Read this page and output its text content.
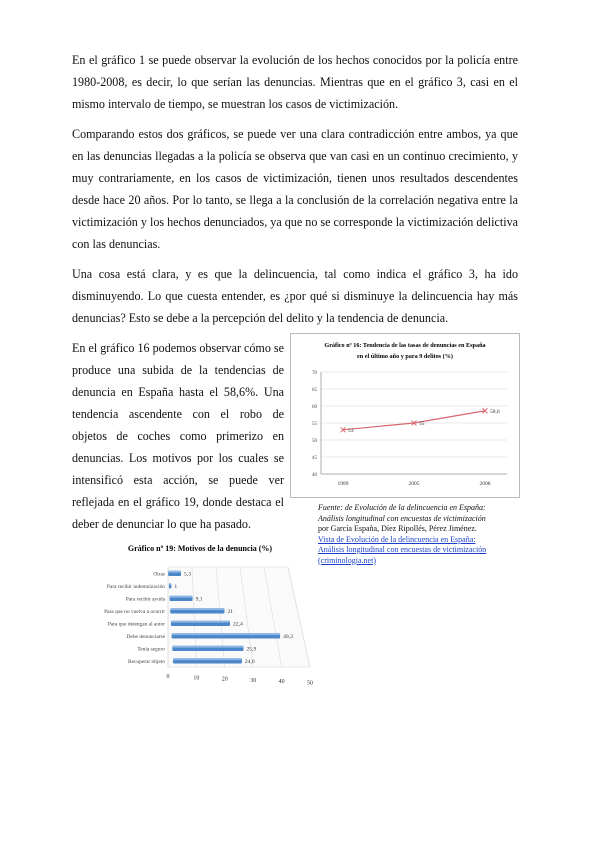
En el gráfico 1 se puede observar la evolución de los hechos conocidos por la policía entre 1980-2008, es decir, lo que serían las denuncias. Mientras que en el gráfico 3, casi en el mismo intervalo de tiempo, se muestran los casos de victimización.

Comparando estos dos gráficos, se puede ver una clara contradicción entre ambos, ya que en las denuncias llegadas a la policía se observa que van casi en un continuo crecimiento, y muy contrariamente, en los casos de victimización, tienen unos resultados descendentes desde hace 20 años. Por lo tanto, se llega a la conclusión de la correlación negativa entre la victimización y los hechos denunciados, ya que no se corresponde la victimización delictiva con las denuncias.

Una cosa está clara, y es que la delincuencia, tal como indica el gráfico 3, ha ido disminuyendo. Lo que cuesta entender, es ¿por qué si disminuye la delincuencia hay más denuncias? Esto se debe a la percepción del delito y la tendencia de denuncia.

En el gráfico 16 podemos observar cómo se produce una subida de la tendencias de denuncia en España hasta el 58,6%. Una tendencia ascendente con el robo de objetos de coches como primerizo en denuncias. Los motivos por los cuales se intensificó esta acción, se puede ver reflejada en el gráfico 19, donde destaca el deber de denunciar lo que ha pasado.

Gráfico nº 16: Tendencia de las tasas de denuncias en España
en el último año y para 9 delitos (%)
40
45
50
55
60
65
70
1989	2005	2008
53
55
58,6
Fuente: de Evolución de la delincuencia en España:
Análisis longitudinal con encuestas de victimización
por García España, Díez Ripollés, Pérez Jiménez.
Vista de Evolución de la delincuencia en España:
Análisis longitudinal con encuestas de victimización
(criminologia.net)
Gráfico nº 19: Motivos de la denuncia (%)
0	10	20	30	40	50
Otras	5,3
Para recibir indemnización 1
Para recibir ayuda	9,1
Para que no vuelva a ocurrir	21
Para que detengan al autor	22,4
Debe denunciarse	40,3
Tenía seguro	25,9
Recuperar objeto	24,6
